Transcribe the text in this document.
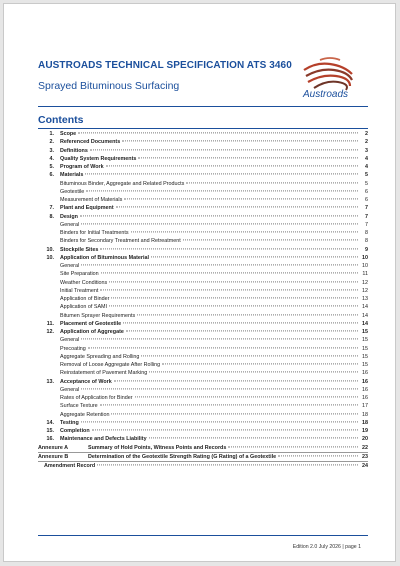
AUSTROADS TECHNICAL SPECIFICATION ATS 3460
Sprayed Bituminous Surfacing
Austroads
Contents
1.	Scope	2
2.	Referenced Documents	2
3.	Definitions	3
4.	Quality System Requirements	4
5.	Program of Work	4
6.	Materials	5
Bituminous Binder, Aggregate and Related Products	5
Geotextile	6
Measurement of Materials	6
7.	Plant and Equipment	7
8.	Design	7
General	7
Binders for Initial Treatments	8
Binders for Secondary Treatment and Retreatment	8
10.	Stockpile Sites	9
10.	Application of Bituminous Material	10
General	10
Site Preparation	11
Weather Conditions	12
Initial Treatment	12
Application of Binder	13
Application of SAMI	14
Bitumen Sprayer Requirements	14
11.	Placement of Geotextile	14
12.	Application of Aggregate	15
General	15
Precoating	15
Aggregate Spreading and Rolling	15
Removal of Loose Aggregate After Rolling	15
Reinstatement of Pavement Marking	16
13.	Acceptance of Work	16
General	16
Rates of Application for Binder	16
Surface Texture	17
Aggregate Retention	18
14.	Testing	18
15.	Completion	19
16.	Maintenance and Defects Liability	20
Annexure A	Summary of Hold Points, Witness Points and Records	22
Annexure B	Determination of the Geotextile Strength Rating (G Rating) of a Geotextile	23
Amendment Record	24
Edition 2.0 July 2026 | page 1
